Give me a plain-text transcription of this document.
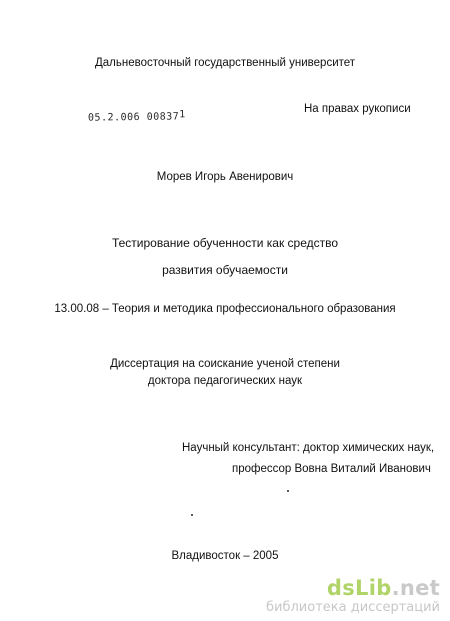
Дальневосточный государственный университет
05.2.006 008371	На правах рукописи
Морев Игорь Авенирович
Тестирование обученности как средство
развития обучаемости
13.00.08 – Теория и методика профессионального образования
Диссертация на соискание ученой степени
доктора педагогических наук
Научный консультант: доктор химических наук,
профессор Вовна Виталий Иванович
Владивосток – 2005
dsLib.net
библиотека диссертаций
